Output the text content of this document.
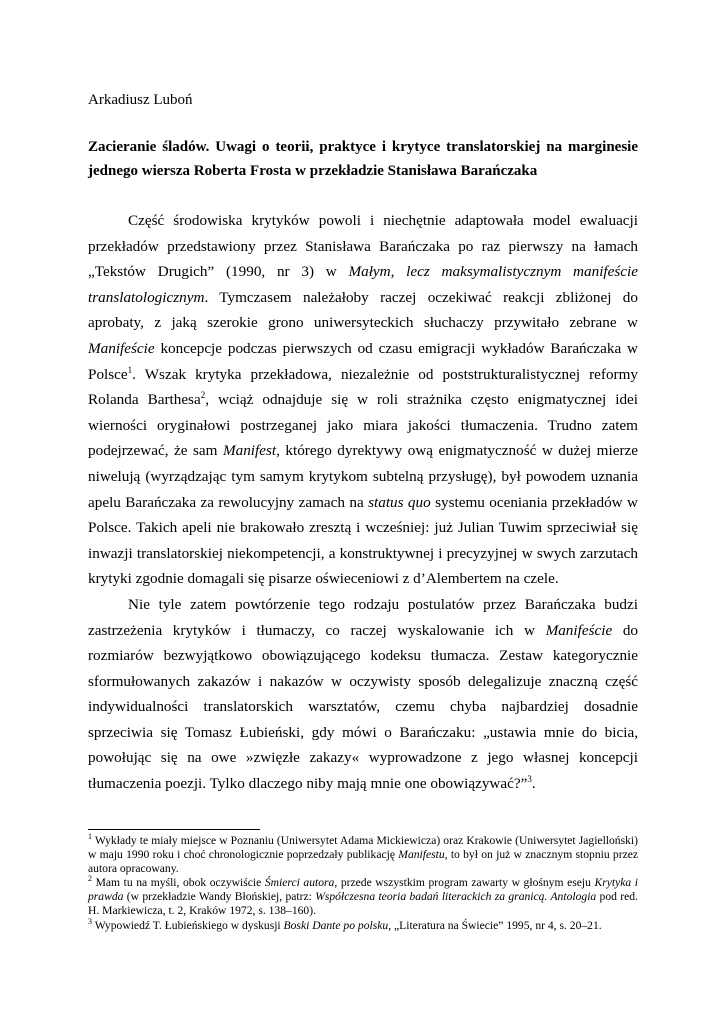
Arkadiusz Luboń
Zacieranie śladów. Uwagi o teorii, praktyce i krytyce translatorskiej na marginesie jednego wiersza Roberta Frosta w przekładzie Stanisława Barańczaka

Część środowiska krytyków powoli i niechętnie adaptowała model ewaluacji przekładów przedstawiony przez Stanisława Barańczaka po raz pierwszy na łamach „Tekstów Drugich” (1990, nr 3) w Małym, lecz maksymalistycznym manifeście translatologicznym. Tymczasem należałoby raczej oczekiwać reakcji zbliżonej do aprobaty, z jaką szerokie grono uniwersyteckich słuchaczy przywitało zebrane w Manifeście koncepcje podczas pierwszych od czasu emigracji wykładów Barańczaka w Polsce$^1$. Wszak krytyka przekładowa, niezależnie od poststrukturalistycznej reformy Rolanda Barthesa$^2$, wciąż odnajduje się w roli strażnika często enigmatycznej idei wierności oryginałowi postrzeganej jako miara jakości tłumaczenia. Trudno zatem podejrzewać, że sam Manifest, którego dyrektywy ową enigmatyczność w dużej mierze niwelują (wyrządzając tym samym krytykom subtelną przysługę), był powodem uznania apelu Barańczaka za rewolucyjny zamach na status quo systemu oceniania przekładów w Polsce. Takich apeli nie brakowało zresztą i wcześniej: już Julian Tuwim sprzeciwiał się inwazji translatorskiej niekompetencji, a konstruktywnej i precyzyjnej w swych zarzutach krytyki zgodnie domagali się pisarze oświeceniowi z d’Alembertem na czele.

Nie tyle zatem powtórzenie tego rodzaju postulatów przez Barańczaka budzi zastrzeżenia krytyków i tłumaczy, co raczej wyskalowanie ich w Manifeście do rozmiarów bezwyjątkowo obowiązującego kodeksu tłumacza. Zestaw kategorycznie sformułowanych zakazów i nakazów w oczywisty sposób delegalizuje znaczną część indywidualności translatorskich warsztatów, czemu chyba najbardziej dosadnie sprzeciwia się Tomasz Łubieński, gdy mówi o Barańczaku: „ustawia mnie do bicia, powołując się na owe »zwięzłe zakazy« wyprowadzone z jego własnej koncepcji tłumaczenia poezji. Tylko dlaczego niby mają mnie one obowiązywać?”$^3$.

$^1$ Wykłady te miały miejsce w Poznaniu (Uniwersytet Adama Mickiewicza) oraz Krakowie (Uniwersytet Jagielloński) w maju 1990 roku i choć chronologicznie poprzedzały publikację Manifestu, to był on już w znacznym stopniu przez autora opracowany.

$^2$ Mam tu na myśli, obok oczywiście Śmierci autora, przede wszystkim program zawarty w głośnym eseju Krytyka i prawda (w przekładzie Wandy Błońskiej, patrz: Współczesna teoria badań literackich za granicą. Antologia pod red. H. Markiewicza, t. 2, Kraków 1972, s. 138–160).

$^3$ Wypowiedź T. Łubieńskiego w dyskusji Boski Dante po polsku, „Literatura na Świecie” 1995, nr 4, s. 20–21.
